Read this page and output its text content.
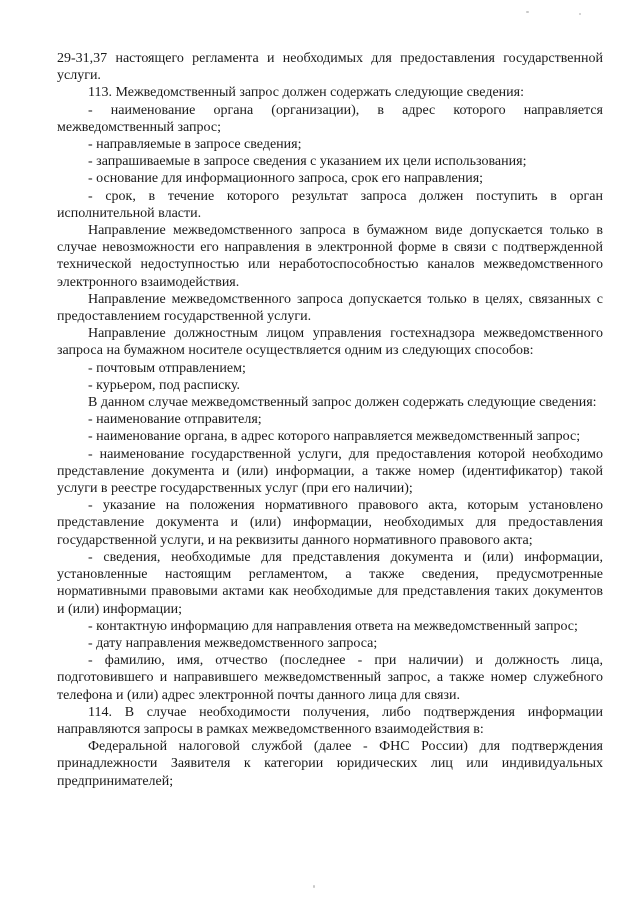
29-31,37 настоящего регламента и необходимых для предоставления государственной услуги.

113. Межведомственный запрос должен содержать следующие сведения:

- наименование органа (организации), в адрес которого направляется межведомственный запрос;

- направляемые в запросе сведения;

- запрашиваемые в запросе сведения с указанием их цели использования;

- основание для информационного запроса, срок его направления;

- срок, в течение которого результат запроса должен поступить в орган исполнительной власти.

Направление межведомственного запроса в бумажном виде допускается только в случае невозможности его направления в электронной форме в связи с подтвержденной технической недоступностью или неработоспособностью каналов межведомственного электронного взаимодействия.

Направление межведомственного запроса допускается только в целях, связанных с предоставлением государственной услуги.

Направление должностным лицом управления гостехнадзора межведомственного запроса на бумажном носителе осуществляется одним из следующих способов:

- почтовым отправлением;

- курьером, под расписку.

В данном случае межведомственный запрос должен содержать следующие сведения:

- наименование отправителя;

- наименование органа, в адрес которого направляется межведомственный запрос;

- наименование государственной услуги, для предоставления которой необходимо представление документа и (или) информации, а также номер (идентификатор) такой услуги в реестре государственных услуг (при его наличии);

- указание на положения нормативного правового акта, которым установлено представление документа и (или) информации, необходимых для предоставления государственной услуги, и на реквизиты данного нормативного правового акта;

- сведения, необходимые для представления документа и (или) информации, установленные настоящим регламентом, а также сведения, предусмотренные нормативными правовыми актами как необходимые для представления таких документов и (или) информации;

- контактную информацию для направления ответа на межведомственный запрос;

- дату направления межведомственного запроса;

- фамилию, имя, отчество (последнее - при наличии) и должность лица, подготовившего и направившего межведомственный запрос, а также номер служебного телефона и (или) адрес электронной почты данного лица для связи.

114. В случае необходимости получения, либо подтверждения информации направляются запросы в рамках межведомственного взаимодействия в:

Федеральной налоговой службой (далее - ФНС России) для подтверждения принадлежности Заявителя к категории юридических лиц или индивидуальных предпринимателей;
